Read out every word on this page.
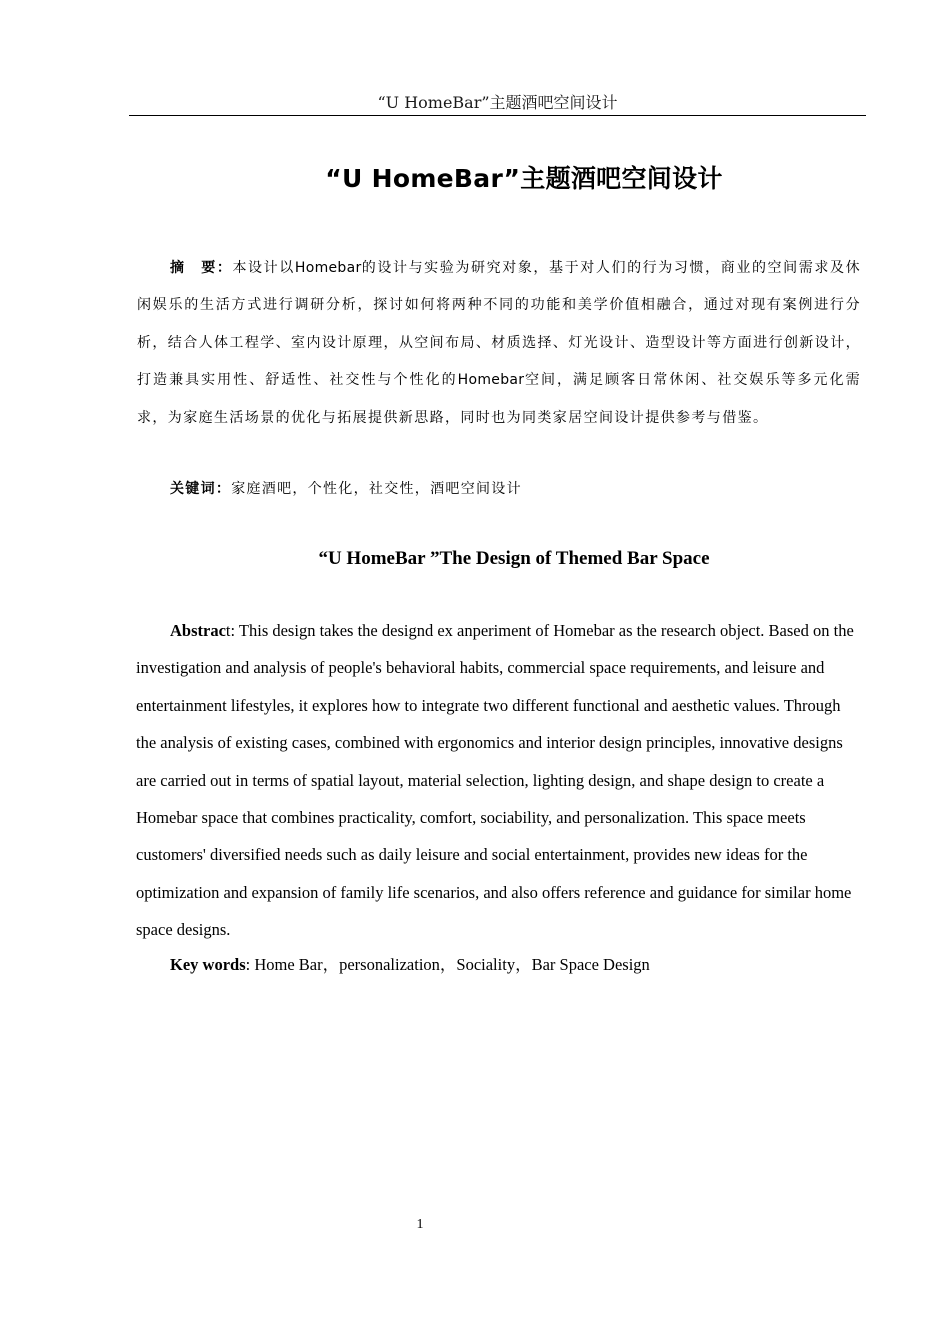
“U HomeBar”主题酒吧空间设计
“U HomeBar”主题酒吧空间设计

摘　要：本设计以Homebar的设计与实验为研究对象，基于对人们的行为习惯，商业的空间需求及休闲娱乐的生活方式进行调研分析，探讨如何将两种不同的功能和美学价值相融合，通过对现有案例进行分析，结合人体工程学、室内设计原理，从空间布局、材质选择、灯光设计、造型设计等方面进行创新设计，打造兼具实用性、舒适性、社交性与个性化的Homebar空间，满足顾客日常休闲、社交娱乐等多元化需求，为家庭生活场景的优化与拓展提供新思路，同时也为同类家居空间设计提供参考与借鉴。

关键词：家庭酒吧，个性化，社交性，酒吧空间设计

“U HomeBar ”The Design of Themed Bar Space

Abstract: This design takes the designd ex anperiment of Homebar as the research object. Based on the investigation and analysis of people's behavioral habits, commercial space requirements, and leisure and entertainment lifestyles, it explores how to integrate two different functional and aesthetic values. Through the analysis of existing cases, combined with ergonomics and interior design principles, innovative designs are carried out in terms of spatial layout, material selection, lighting design, and shape design to create a Homebar space that combines practicality, comfort, sociability, and personalization. This space meets customers' diversified needs such as daily leisure and social entertainment, provides new ideas for the optimization and expansion of family life scenarios, and also offers reference and guidance for similar home space designs.

Key words: Home Bar，personalization，Sociality，Bar Space Design

1
